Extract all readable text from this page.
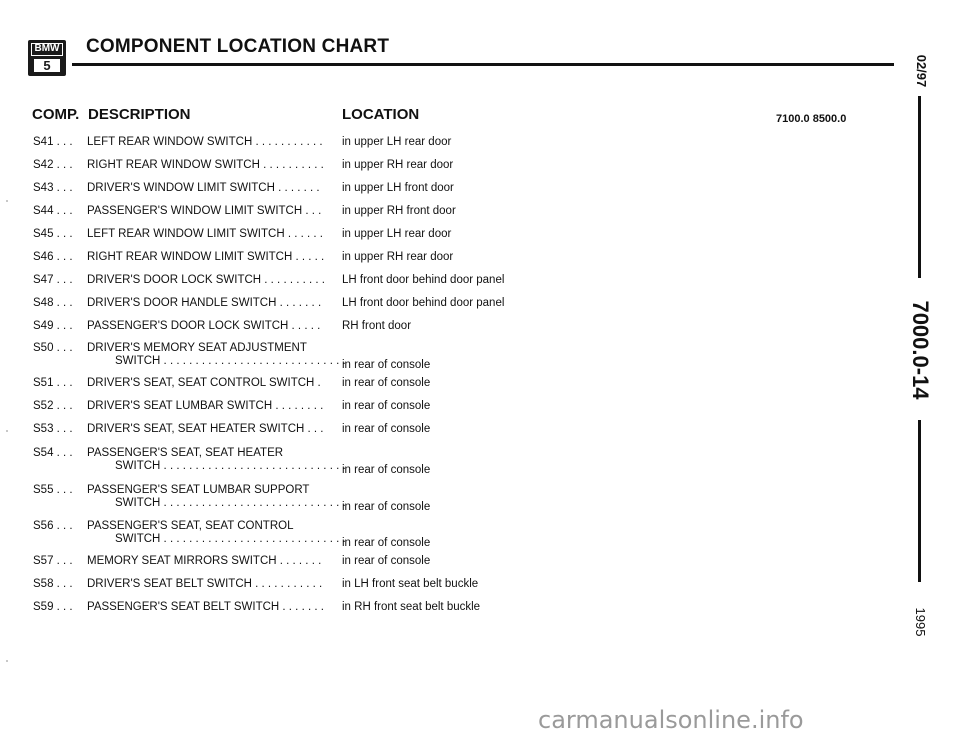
BMW
5
COMPONENT LOCATION CHART
COMP. DESCRIPTION	LOCATION	7100.0 8500.0
S41 . . . LEFT REAR WINDOW SWITCH . . . . . . . . . . . in upper LH rear door
S42 . . . RIGHT REAR WINDOW SWITCH . . . . . . . . . . in upper RH rear door
S43 . . . DRIVER'S WINDOW LIMIT SWITCH . . . . . . . in upper LH front door
S44 . . . PASSENGER'S WINDOW LIMIT SWITCH . . . in upper RH front door
S45 . . . LEFT REAR WINDOW LIMIT SWITCH . . . . . . in upper LH rear door
S46 . . . RIGHT REAR WINDOW LIMIT SWITCH . . . . . in upper RH rear door
S47 . . . DRIVER'S DOOR LOCK SWITCH . . . . . . . . . . LH front door behind door panel
S48 . . . DRIVER'S DOOR HANDLE SWITCH . . . . . . . LH front door behind door panel
S49 . . . PASSENGER'S DOOR LOCK SWITCH . . . . . RH front door
S50 . . . DRIVER'S MEMORY SEAT ADJUSTMENT
SWITCH . . . . . . . . . . . . . . . . . . . . . . . . . . . . .
in rear of console
S51 . . . DRIVER'S SEAT, SEAT CONTROL SWITCH . in rear of console
S52 . . . DRIVER'S SEAT LUMBAR SWITCH . . . . . . . . in rear of console
S53 . . . DRIVER'S SEAT, SEAT HEATER SWITCH . . . in rear of console
S54 . . . PASSENGER'S SEAT, SEAT HEATER
SWITCH . . . . . . . . . . . . . . . . . . . . . . . . . . . . .
in rear of console
S55 . . . PASSENGER'S SEAT LUMBAR SUPPORT
SWITCH . . . . . . . . . . . . . . . . . . . . . . . . . . . . .
in rear of console
S56 . . . PASSENGER'S SEAT, SEAT CONTROL
SWITCH . . . . . . . . . . . . . . . . . . . . . . . . . . . . .
in rear of console
S57 . . . MEMORY SEAT MIRRORS SWITCH . . . . . . . in rear of console
S58 . . . DRIVER'S SEAT BELT SWITCH . . . . . . . . . . . in LH front seat belt buckle
S59 . . . PASSENGER'S SEAT BELT SWITCH . . . . . . . in RH front seat belt buckle
02/97
7000.0-14
1995
carmanualsonline.info
